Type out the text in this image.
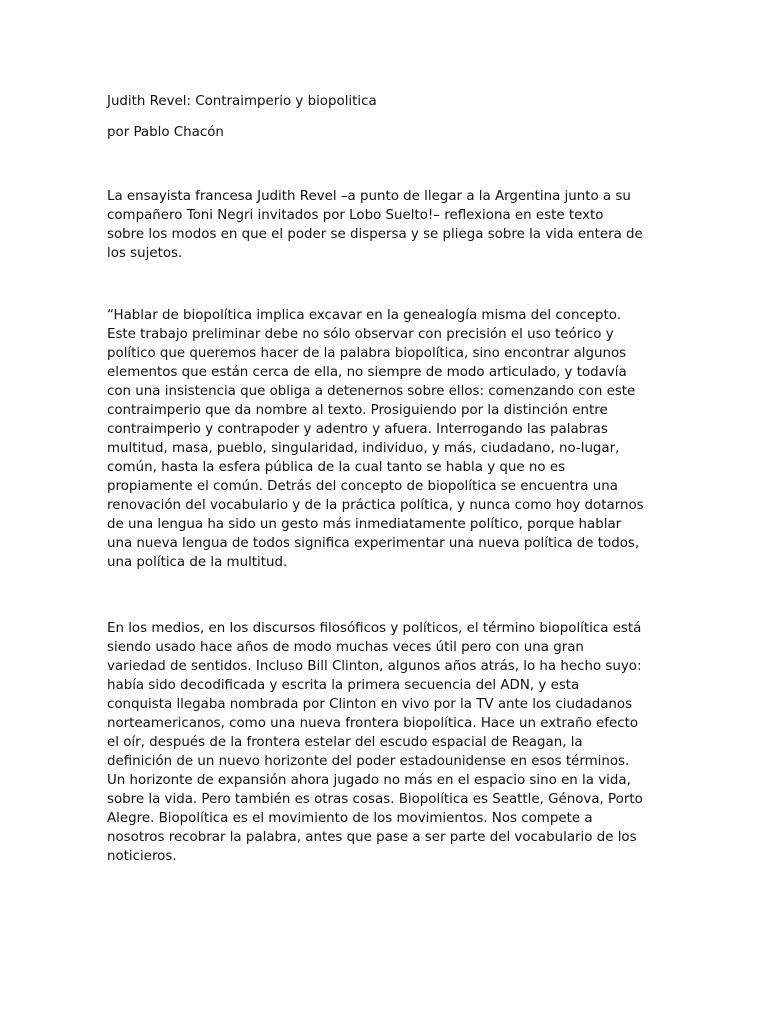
Judith Revel: Contraimperio y biopolitica
por Pablo Chacón
La ensayista francesa Judith Revel –a punto de llegar a la Argentina junto a su
compañero Toni Negri invitados por Lobo Suelto!– reflexiona en este texto
sobre los modos en que el poder se dispersa y se pliega sobre la vida entera de
los sujetos.
“Hablar de biopolítica implica excavar en la genealogía misma del concepto.
Este trabajo preliminar debe no sólo observar con precisión el uso teórico y
político que queremos hacer de la palabra biopolítica, sino encontrar algunos
elementos que están cerca de ella, no siempre de modo articulado, y todavía
con una insistencia que obliga a detenernos sobre ellos: comenzando con este
contraimperio que da nombre al texto. Prosiguiendo por la distinción entre
contraimperio y contrapoder y adentro y afuera. Interrogando las palabras
multitud, masa, pueblo, singularidad, individuo, y más, ciudadano, no-lugar,
común, hasta la esfera pública de la cual tanto se habla y que no es
propiamente el común. Detrás del concepto de biopolítica se encuentra una
renovación del vocabulario y de la práctica política, y nunca como hoy dotarnos
de una lengua ha sido un gesto más inmediatamente político, porque hablar
una nueva lengua de todos significa experimentar una nueva política de todos,
una política de la multitud.
En los medios, en los discursos filosóficos y políticos, el término biopolítica está
siendo usado hace años de modo muchas veces útil pero con una gran
variedad de sentidos. Incluso Bill Clinton, algunos años atrás, lo ha hecho suyo:
había sido decodificada y escrita la primera secuencia del ADN, y esta
conquista llegaba nombrada por Clinton en vivo por la TV ante los ciudadanos
norteamericanos, como una nueva frontera biopolítica. Hace un extraño efecto
el oír, después de la frontera estelar del escudo espacial de Reagan, la
definición de un nuevo horizonte del poder estadounidense en esos términos.
Un horizonte de expansión ahora jugado no más en el espacio sino en la vida,
sobre la vida. Pero también es otras cosas. Biopolítica es Seattle, Génova, Porto
Alegre. Biopolítica es el movimiento de los movimientos. Nos compete a
nosotros recobrar la palabra, antes que pase a ser parte del vocabulario de los
noticieros.
